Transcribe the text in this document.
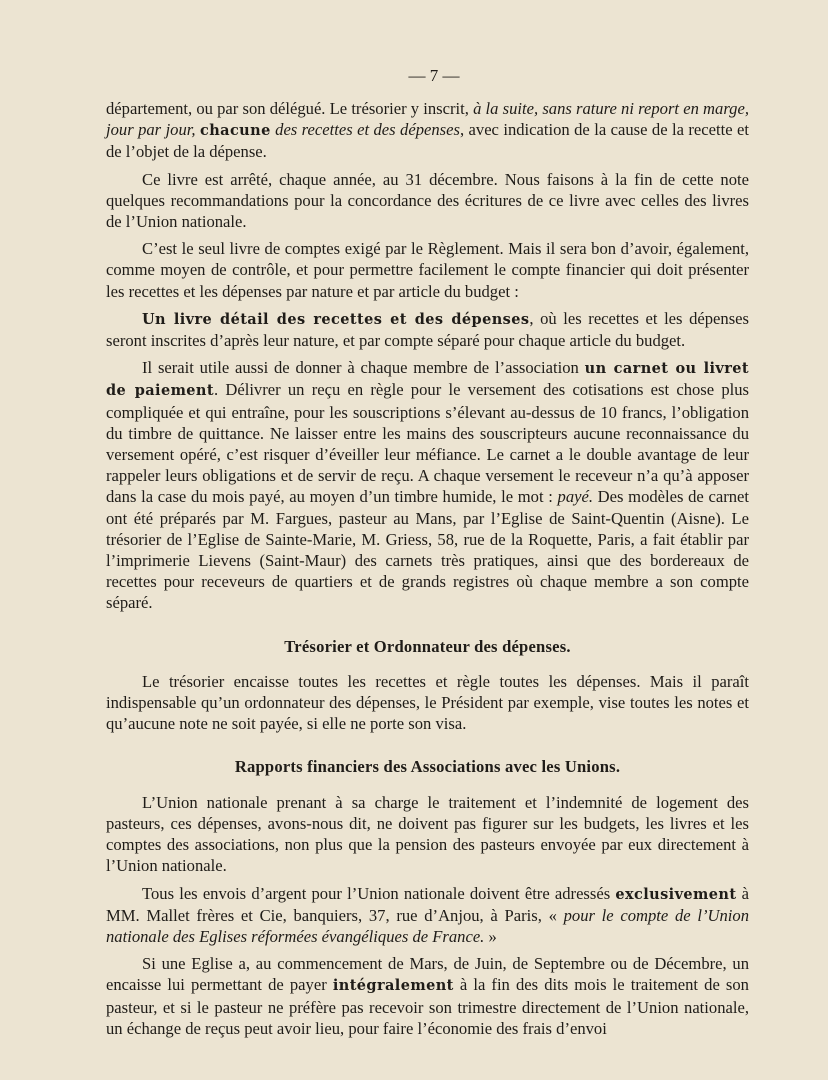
— 7 —

département, ou par son délégué. Le trésorier y inscrit, à la suite, sans rature ni report en marge, jour par jour, chacune des recettes et des dépenses, avec indication de la cause de la recette et de l’objet de la dépense.

Ce livre est arrêté, chaque année, au 31 décembre. Nous faisons à la fin de cette note quelques recommandations pour la concordance des écritures de ce livre avec celles des livres de l’Union nationale.

C’est le seul livre de comptes exigé par le Règlement. Mais il sera bon d’avoir, également, comme moyen de contrôle, et pour permettre facilement le compte financier qui doit présenter les recettes et les dépenses par nature et par article du budget :

Un livre détail des recettes et des dépenses, où les recettes et les dépenses seront inscrites d’après leur nature, et par compte séparé pour chaque article du budget.

Il serait utile aussi de donner à chaque membre de l’association un carnet ou livret de paiement. Délivrer un reçu en règle pour le versement des cotisations est chose plus compliquée et qui entraîne, pour les souscriptions s’élevant au-dessus de 10 francs, l’obligation du timbre de quittance. Ne laisser entre les mains des souscripteurs aucune reconnaissance du versement opéré, c’est risquer d’éveiller leur méfiance. Le carnet a le double avantage de leur rappeler leurs obligations et de servir de reçu. A chaque versement le receveur n’a qu’à apposer dans la case du mois payé, au moyen d’un timbre humide, le mot : payé. Des modèles de carnet ont été préparés par M. Fargues, pasteur au Mans, par l’Eglise de Saint-Quentin (Aisne). Le trésorier de l’Eglise de Sainte-Marie, M. Griess, 58, rue de la Roquette, Paris, a fait établir par l’imprimerie Lievens (Saint-Maur) des carnets très pratiques, ainsi que des bordereaux de recettes pour receveurs de quartiers et de grands registres où chaque membre a son compte séparé.

Trésorier et Ordonnateur des dépenses.

Le trésorier encaisse toutes les recettes et règle toutes les dépenses. Mais il paraît indispensable qu’un ordonnateur des dépenses, le Président par exemple, vise toutes les notes et qu’aucune note ne soit payée, si elle ne porte son visa.

Rapports financiers des Associations avec les Unions.

L’Union nationale prenant à sa charge le traitement et l’indemnité de logement des pasteurs, ces dépenses, avons-nous dit, ne doivent pas figurer sur les budgets, les livres et les comptes des associations, non plus que la pension des pasteurs envoyée par eux directement à l’Union nationale.

Tous les envois d’argent pour l’Union nationale doivent être adressés exclusivement à MM. Mallet frères et Cie, banquiers, 37, rue d’Anjou, à Paris, « pour le compte de l’Union nationale des Eglises réformées évangéliques de France. »

Si une Eglise a, au commencement de Mars, de Juin, de Septembre ou de Décembre, un encaisse lui permettant de payer intégralement à la fin des dits mois le traitement de son pasteur, et si le pasteur ne préfère pas recevoir son trimestre directement de l’Union nationale, un échange de reçus peut avoir lieu, pour faire l’économie des frais d’envoi
